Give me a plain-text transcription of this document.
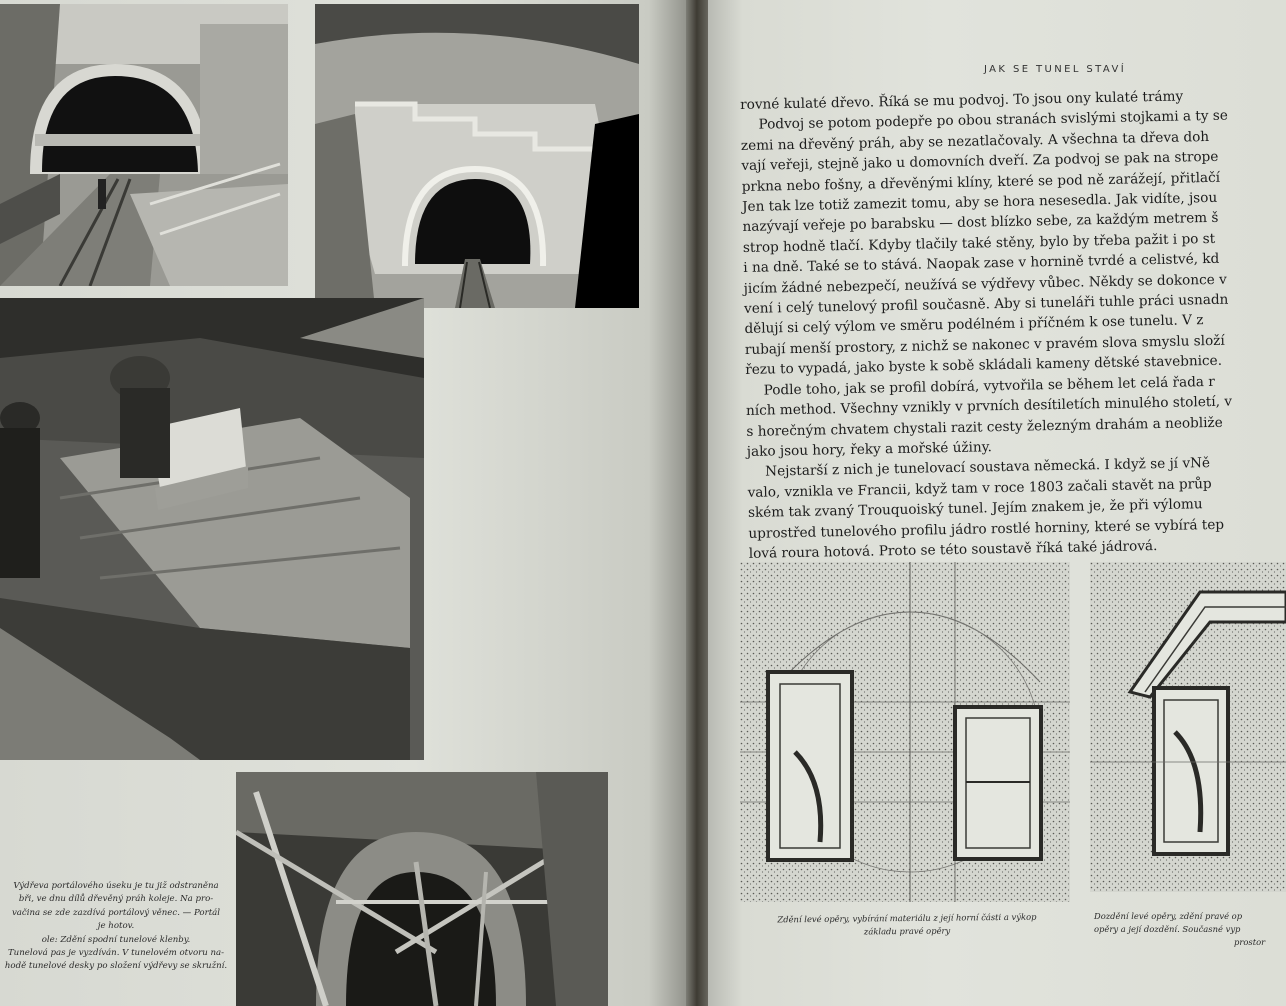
Výdřeva portálového úseku je tu již odstraněna

bři, ve dnu dílů dřevěný práh koleje. Na pro-

vačina se zde zazdívá portálový věnec. — Portál

je hotov.

ole: Zdění spodní tunelové klenby.

Tunelová pas je vyzdíván. V tunelovém otvoru na-

hodě tunelové desky po složení výdřevy se skružní.

JAK SE TUNEL STAVÍ

rovné kulaté dřevo. Říká se mu podvoj. To jsou ony kulaté trámy

Podvoj se potom podepře po obou stranách svislými stojkami a ty se

zemi na dřevěný práh, aby se nezatlačovaly. A všechna ta dřeva doh

vají veřeji, stejně jako u domovních dveří. Za podvoj se pak na strope

prkna nebo fošny, a dřevěnými klíny, které se pod ně zarážejí, přitlačí

Jen tak lze totiž zamezit tomu, aby se hora nesesedla. Jak vidíte, jsou

nazývají veřeje po barabsku — dost blízko sebe, za každým metrem š

strop hodně tlačí. Kdyby tlačily také stěny, bylo by třeba pažit i po st

i na dně. Také se to stává. Naopak zase v hornině tvrdé a celistvé, kd

jicím žádné nebezpečí, neužívá se výdřevy vůbec. Někdy se dokonce v

vení i celý tunelový profil současně. Aby si tuneláři tuhle práci usnadn

dělují si celý výlom ve směru podélném i příčném k ose tunelu. V z

rubají menší prostory, z nichž se nakonec v pravém slova smyslu složí

řezu to vypadá, jako byste k sobě skládali kameny dětské stavebnice.

Podle toho, jak se profil dobírá, vytvořila se během let celá řada r

ních method. Všechny vznikly v prvních desítiletích minulého století, v

s horečným chvatem chystali razit cesty železným drahám a neobliže

jako jsou hory, řeky a mořské úžiny.

Nejstarší z nich je tunelovací soustava německá. I když se jí vNě

valo, vznikla ve Francii, když tam v roce 1803 začali stavět na průp

ském tak zvaný Trouquoiský tunel. Jejím znakem je, že při výlomu

uprostřed tunelového profilu jádro rostlé horniny, které se vybírá tep

lová roura hotová. Proto se této soustavě říká také jádrová.

Zdění levé opěry, vybírání materiálu z její horní části a výkop

základu pravé opěry

Dozdění levé opěry, zdění pravé op

opěry a její dozdění. Současné vyp

prostor
